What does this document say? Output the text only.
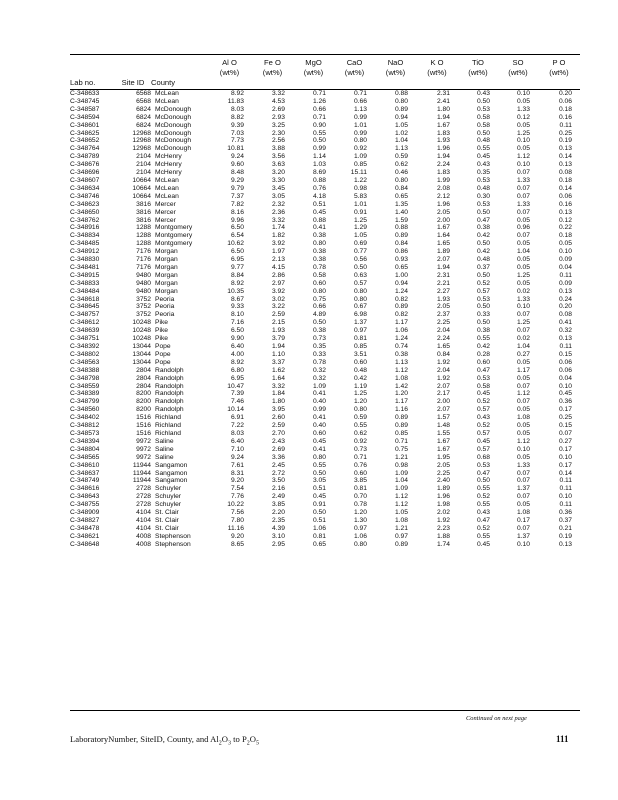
			Al O	Fe O	MgO	CaO	NaO	K O	TiO	SO	P O
			(wt%)	(wt%)	(wt%)	(wt%)	(wt%)	(wt%)	(wt%)	(wt%)	(wt%)
Lab no.	Site ID	County									
C-348633	6568	McLean	8.92	3.32	0.71	0.71	0.88	2.31	0.43	0.10	0.20
C-348745	6568	McLean	11.83	4.53	1.26	0.66	0.80	2.41	0.50	0.05	0.06
C-348587	6824	McDonough	8.03	2.69	0.66	1.13	0.89	1.80	0.53	1.33	0.18
C-348594	6824	McDonough	8.82	2.93	0.71	0.99	0.94	1.94	0.58	0.12	0.16
C-348601	6824	McDonough	9.39	3.25	0.90	1.01	1.05	1.67	0.58	0.05	0.11
C-348625	12968	McDonough	7.03	2.30	0.55	0.99	1.02	1.83	0.50	1.25	0.25
C-348652	12968	McDonough	7.73	2.56	0.50	0.80	1.04	1.93	0.48	0.10	0.19
C-348764	12968	McDonough	10.81	3.88	0.99	0.92	1.13	1.96	0.55	0.05	0.13
C-348789	2104	McHenry	9.24	3.56	1.14	1.09	0.59	1.94	0.45	1.12	0.14
C-348676	2104	McHenry	9.60	3.63	1.03	0.85	0.62	2.24	0.43	0.10	0.13
C-348696	2104	McHenry	8.48	3.20	8.69	15.11	0.46	1.83	0.35	0.07	0.08
C-348607	10664	McLean	9.29	3.30	0.88	1.22	0.80	1.99	0.53	1.33	0.18
C-348634	10664	McLean	9.79	3.45	0.76	0.98	0.84	2.08	0.48	0.07	0.14
C-348746	10664	McLean	7.37	3.05	4.18	5.83	0.65	2.12	0.30	0.07	0.06
C-348623	3816	Mercer	7.82	2.32	0.51	1.01	1.35	1.96	0.53	1.33	0.16
C-348650	3816	Mercer	8.16	2.36	0.45	0.91	1.40	2.05	0.50	0.07	0.13
C-348762	3816	Mercer	9.96	3.32	0.88	1.25	1.59	2.00	0.47	0.05	0.12
C-348916	1288	Montgomery	6.50	1.74	0.41	1.29	0.88	1.67	0.38	0.96	0.22
C-348834	1288	Montgomery	6.54	1.82	0.38	1.05	0.89	1.64	0.42	0.07	0.18
C-348485	1288	Montgomery	10.62	3.92	0.80	0.69	0.84	1.65	0.50	0.05	0.05
C-348912	7176	Morgan	6.50	1.97	0.38	0.77	0.86	1.89	0.42	1.04	0.10
C-348830	7176	Morgan	6.95	2.13	0.38	0.56	0.93	2.07	0.48	0.05	0.09
C-348481	7176	Morgan	9.77	4.15	0.78	0.50	0.65	1.94	0.37	0.05	0.04
C-348915	9480	Morgan	8.84	2.86	0.58	0.63	1.00	2.31	0.50	1.25	0.11
C-348833	9480	Morgan	8.92	2.97	0.60	0.57	0.94	2.21	0.52	0.05	0.09
C-348484	9480	Morgan	10.35	3.92	0.80	0.80	1.24	2.27	0.57	0.02	0.13
C-348618	3752	Peoria	8.67	3.02	0.75	0.80	0.82	1.93	0.53	1.33	0.24
C-348645	3752	Peoria	9.33	3.22	0.66	0.67	0.89	2.05	0.50	0.10	0.20
C-348757	3752	Peoria	8.10	2.59	4.89	6.98	0.82	2.37	0.33	0.07	0.08
C-348612	10248	Pike	7.16	2.15	0.50	1.37	1.17	2.25	0.50	1.25	0.41
C-348639	10248	Pike	6.50	1.93	0.38	0.97	1.06	2.04	0.38	0.07	0.32
C-348751	10248	Pike	9.90	3.79	0.73	0.81	1.24	2.24	0.55	0.02	0.13
C-348392	13044	Pope	6.40	1.94	0.35	0.85	0.74	1.65	0.42	1.04	0.11
C-348802	13044	Pope	4.00	1.10	0.33	3.51	0.38	0.84	0.28	0.27	0.15
C-348563	13044	Pope	8.92	3.37	0.78	0.60	1.13	1.92	0.60	0.05	0.06
C-348388	2804	Randolph	6.80	1.62	0.32	0.48	1.12	2.04	0.47	1.17	0.06
C-348798	2804	Randolph	6.95	1.64	0.32	0.42	1.08	1.92	0.53	0.05	0.04
C-348559	2804	Randolph	10.47	3.32	1.09	1.19	1.42	2.07	0.58	0.07	0.10
C-348389	8200	Randolph	7.39	1.84	0.41	1.25	1.20	2.17	0.45	1.12	0.45
C-348799	8200	Randolph	7.46	1.80	0.40	1.20	1.17	2.00	0.52	0.07	0.36
C-348560	8200	Randolph	10.14	3.95	0.99	0.80	1.16	2.07	0.57	0.05	0.17
C-348402	1516	Richland	6.91	2.60	0.41	0.59	0.89	1.57	0.43	1.08	0.25
C-348812	1516	Richland	7.22	2.59	0.40	0.55	0.89	1.48	0.52	0.05	0.15
C-348573	1516	Richland	8.03	2.70	0.60	0.62	0.85	1.55	0.57	0.05	0.07
C-348394	9972	Saline	6.40	2.43	0.45	0.92	0.71	1.67	0.45	1.12	0.27
C-348804	9972	Saline	7.10	2.69	0.41	0.73	0.75	1.67	0.57	0.10	0.17
C-348565	9972	Saline	9.24	3.36	0.80	0.71	1.21	1.95	0.68	0.05	0.10
C-348610	11944	Sangamon	7.61	2.45	0.55	0.76	0.98	2.05	0.53	1.33	0.17
C-348637	11944	Sangamon	8.31	2.72	0.50	0.60	1.09	2.25	0.47	0.07	0.14
C-348749	11944	Sangamon	9.20	3.50	3.05	3.85	1.04	2.40	0.50	0.07	0.11
C-348616	2728	Schuyler	7.54	2.16	0.51	0.81	1.09	1.89	0.55	1.37	0.11
C-348643	2728	Schuyler	7.76	2.49	0.45	0.70	1.12	1.96	0.52	0.07	0.10
C-348755	2728	Schuyler	10.22	3.85	0.91	0.78	1.12	1.98	0.55	0.05	0.11
C-348909	4104	St. Clair	7.56	2.20	0.50	1.20	1.05	2.02	0.43	1.08	0.36
C-348827	4104	St. Clair	7.80	2.35	0.51	1.30	1.08	1.92	0.47	0.17	0.37
C-348478	4104	St. Clair	11.16	4.39	1.06	0.97	1.21	2.23	0.52	0.07	0.21
C-348621	4008	Stephenson	9.20	3.10	0.81	1.06	0.97	1.88	0.55	1.37	0.19
C-348648	4008	Stephenson	8.65	2.95	0.65	0.80	0.89	1.74	0.45	0.10	0.13
Continued on next page
LaboratoryNumber, SiteID, County, and $Al_2O_3$ to $P_2O_5$	111
